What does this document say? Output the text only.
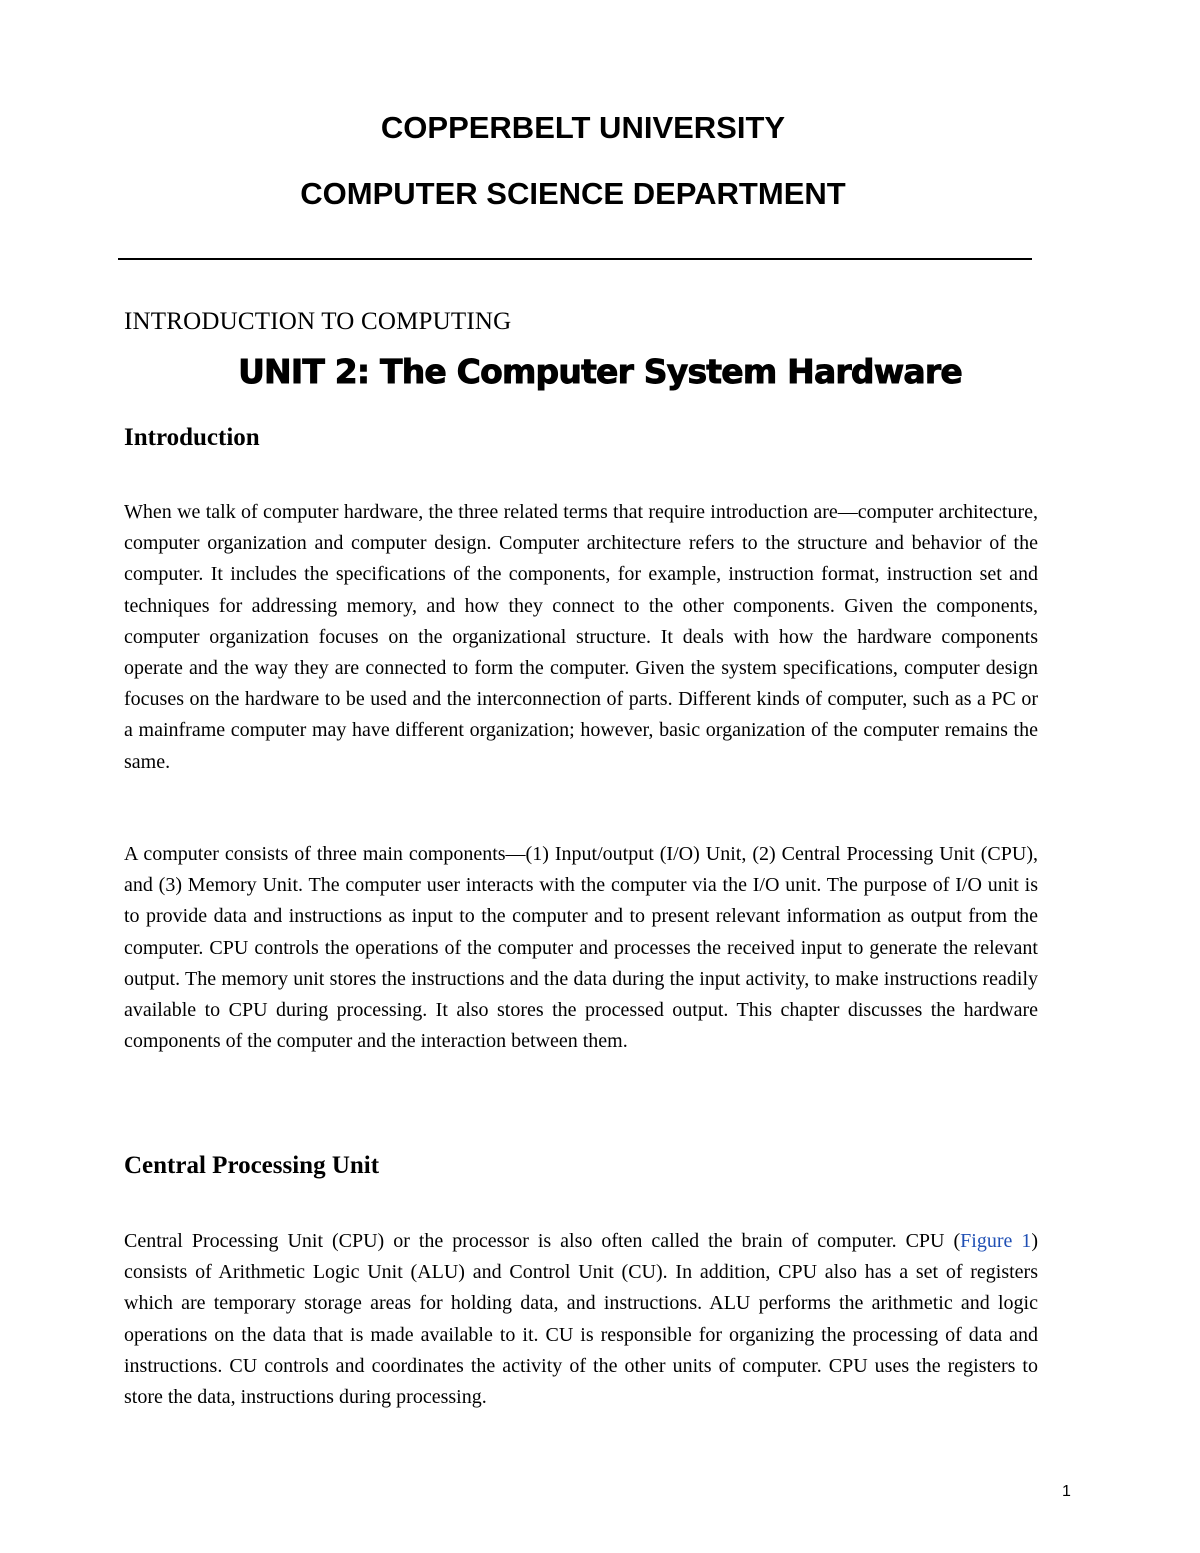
COPPERBELT UNIVERSITY
COMPUTER SCIENCE DEPARTMENT

INTRODUCTION TO COMPUTING

UNIT 2: The Computer System Hardware
Introduction

When we talk of computer hardware, the three related terms that require introduction are—computer architecture, computer organization and computer design. Computer architecture refers to the structure and behavior of the computer. It includes the specifications of the components, for example, instruction format, instruction set and techniques for addressing memory, and how they connect to the other components. Given the components, computer organization focuses on the organizational structure. It deals with how the hardware components operate and the way they are connected to form the computer. Given the system specifications, computer design focuses on the hardware to be used and the interconnection of parts. Different kinds of computer, such as a PC or a mainframe computer may have different organization; however, basic organization of the computer remains the same.

A computer consists of three main components—(1) Input/output (I/O) Unit, (2) Central Processing Unit (CPU), and (3) Memory Unit. The computer user interacts with the computer via the I/O unit. The purpose of I/O unit is to provide data and instructions as input to the computer and to present relevant information as output from the computer. CPU controls the operations of the computer and processes the received input to generate the relevant output. The memory unit stores the instructions and the data during the input activity, to make instructions readily available to CPU during processing. It also stores the processed output. This chapter discusses the hardware components of the computer and the interaction between them.

Central Processing Unit

Central Processing Unit (CPU) or the processor is also often called the brain of computer. CPU (Figure 1) consists of Arithmetic Logic Unit (ALU) and Control Unit (CU). In addition, CPU also has a set of registers which are temporary storage areas for holding data, and instructions. ALU performs the arithmetic and logic operations on the data that is made available to it. CU is responsible for organizing the processing of data and instructions. CU controls and coordinates the activity of the other units of computer. CPU uses the registers to store the data, instructions during processing.

1
